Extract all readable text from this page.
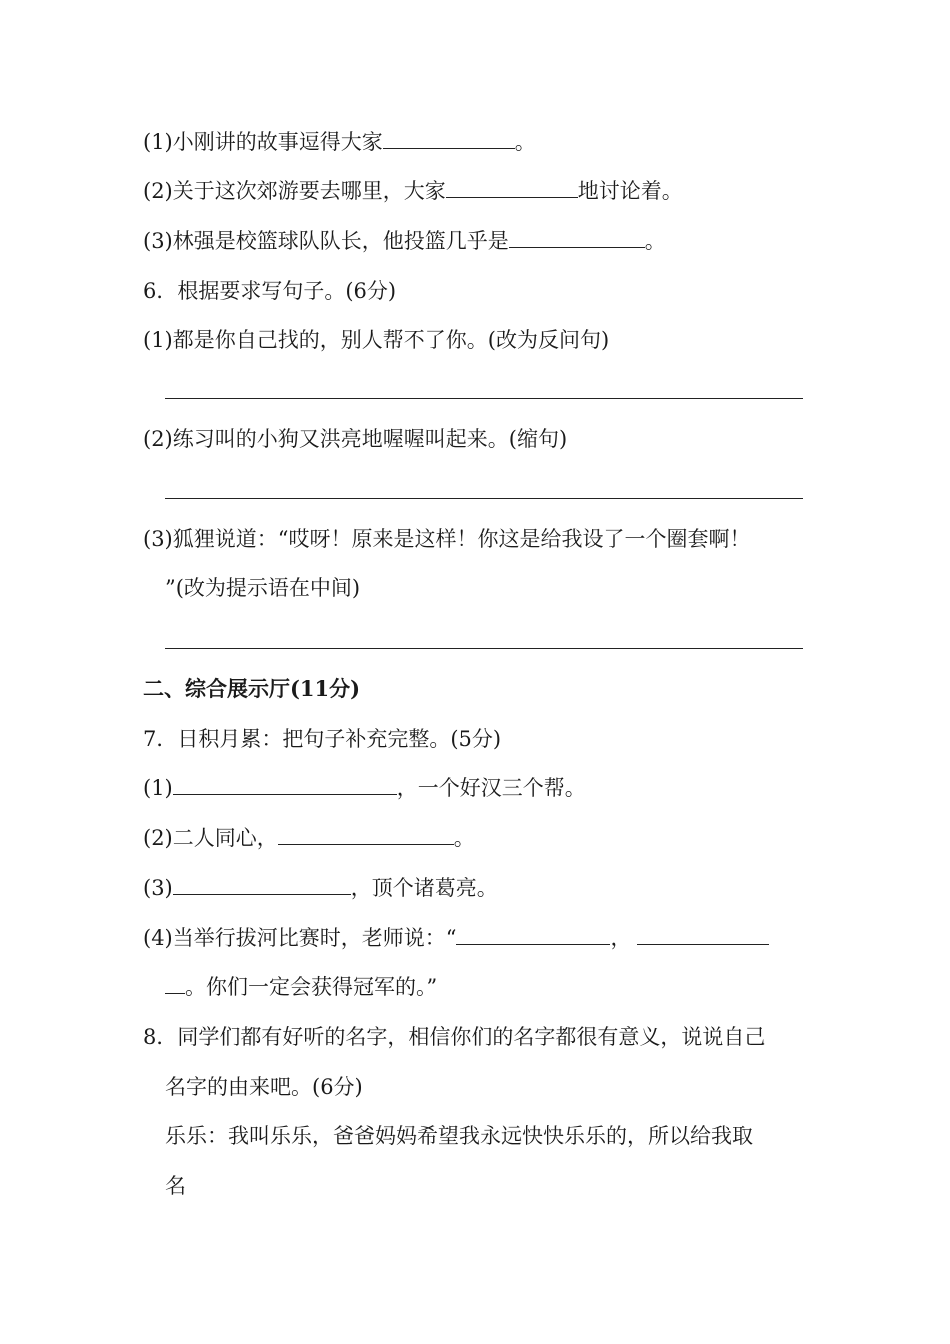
(1)小刚讲的故事逗得大家	。
(2)关于这次郊游要去哪里，大家	地讨论着。
(3)林强是校篮球队队长，他投篮几乎是	。
6．根据要求写句子。(6分)
(1)都是你自己找的，别人帮不了你。(改为反问句)
(2)练习叫的小狗又洪亮地喔喔叫起来。(缩句)
(3)狐狸说道：“哎呀！原来是这样！你这是给我设了一个圈套啊！
”(改为提示语在中间)
二、综合展示厅(11分)
7．日积月累：把句子补充完整。(5分)
(1)	，一个好汉三个帮。
(2)二人同心，	。
(3)	，顶个诸葛亮。
(4)当举行拔河比赛时，老师说：“	，
。你们一定会获得冠军的。”
8．同学们都有好听的名字，相信你们的名字都很有意义，说说自己
名字的由来吧。(6分)
乐乐：我叫乐乐，爸爸妈妈希望我永远快快乐乐的，所以给我取
名
